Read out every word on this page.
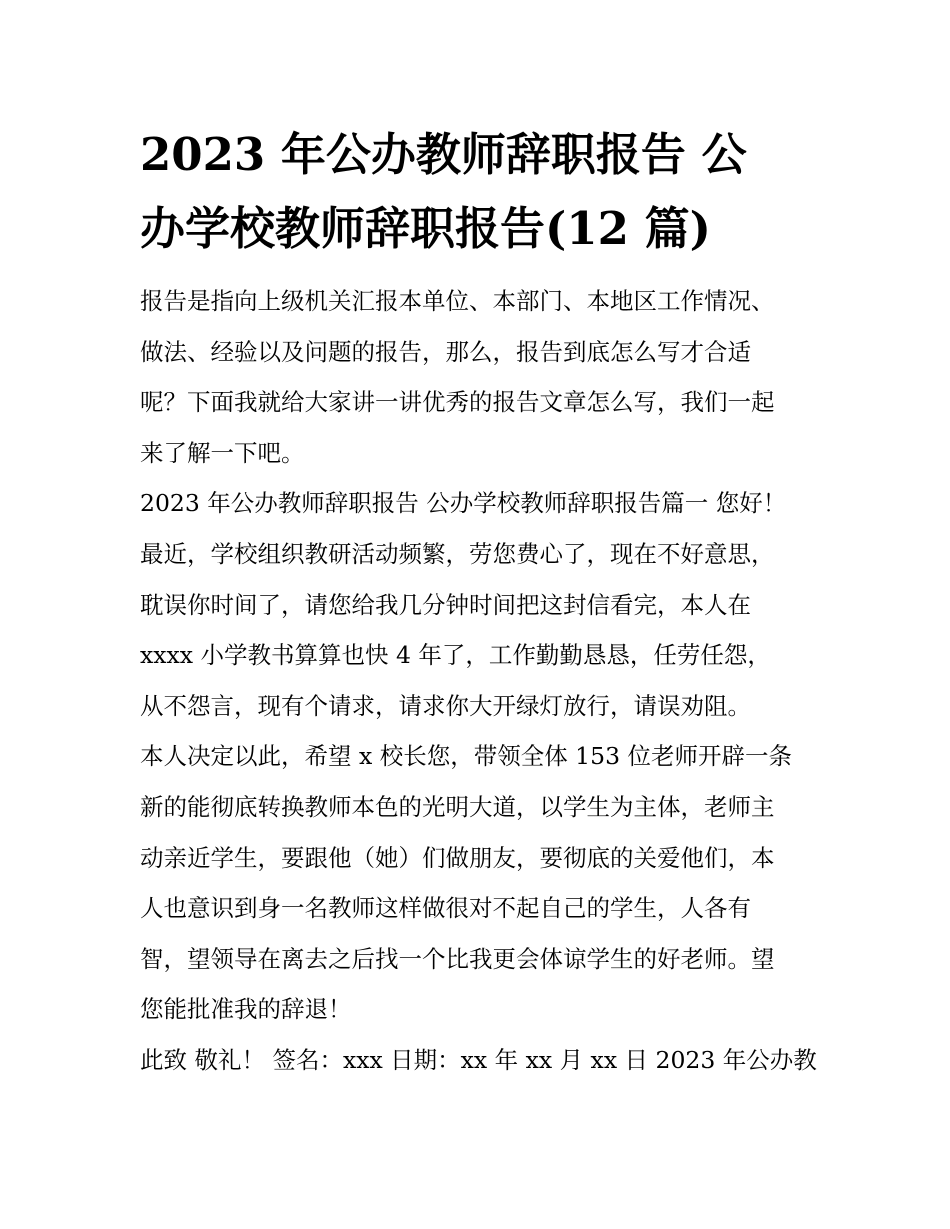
2023 年公办教师辞职报告 公
办学校教师辞职报告(12 篇)
报告是指向上级机关汇报本单位、本部门、本地区工作情况、
做法、经验以及问题的报告，那么，报告到底怎么写才合适
呢？下面我就给大家讲一讲优秀的报告文章怎么写，我们一起
来了解一下吧。
2023 年公办教师辞职报告 公办学校教师辞职报告篇一 您好！
最近，学校组织教研活动频繁，劳您费心了，现在不好意思，
耽误你时间了，请您给我几分钟时间把这封信看完，本人在
xxxx 小学教书算算也快 4 年了，工作勤勤恳恳，任劳任怨，
从不怨言，现有个请求，请求你大开绿灯放行，请误劝阻。
本人决定以此，希望 x 校长您，带领全体 153 位老师开辟一条
新的能彻底转换教师本色的光明大道，以学生为主体，老师主
动亲近学生，要跟他（她）们做朋友，要彻底的关爱他们，本
人也意识到身一名教师这样做很对不起自己的学生，人各有
智，望领导在离去之后找一个比我更会体谅学生的好老师。望
您能批准我的辞退！
此致 敬礼！ 签名：xxx 日期：xx 年 xx 月 xx 日 2023 年公办教
